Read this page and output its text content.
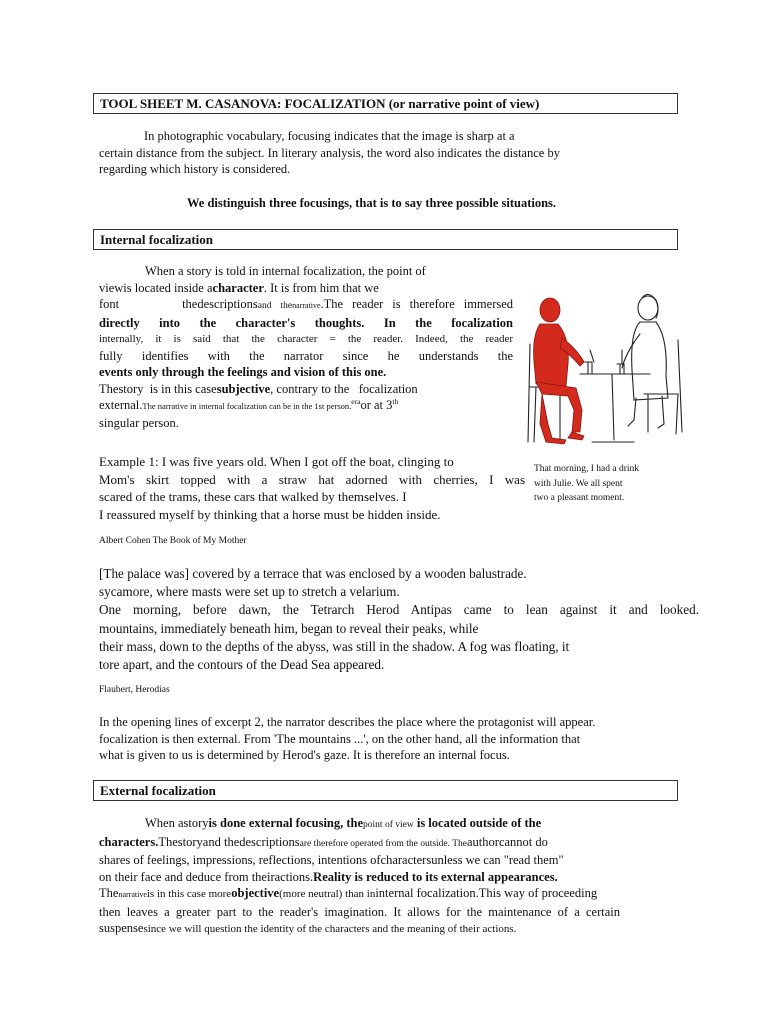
TOOL SHEET M. CASANOVA: FOCALIZATION (or narrative point of view)
In photographic vocabulary, focusing indicates that the image is sharp at a
certain distance from the subject. In literary analysis, the word also indicates the distance by
regarding which history is considered.
We distinguish three focusings, that is to say three possible situations.
Internal focalization
When a story is told in internal focalization, the point of
viewis located inside acharacter. It is from him that we
font	thedescriptionsand thenarrative.The reader is therefore immersed
directly into the character's thoughts. In the focalization
internally, it is said that the character = the reader. Indeed, the reader
fully identifies with the narrator since he understands the
events only through the feelings and vision of this one.
Thestory is in this casesubjective, contrary to the focalization
external.The narrative in internal focalization can be in the 1st person.$^{era}$or at 3th
singular person.
That morning, I had a drink
with Julie. We all spent
two a pleasant moment.
Example 1: I was five years old. When I got off the boat, clinging to
Mom's skirt topped with a straw hat adorned with cherries, I was
scared of the trams, these cars that walked by themselves. I
I reassured myself by thinking that a horse must be hidden inside.
Albert Cohen The Book of My Mother
[The palace was] covered by a terrace that was enclosed by a wooden balustrade.
sycamore, where masts were set up to stretch a velarium.
One morning, before dawn, the Tetrarch Herod Antipas came to lean against it and looked.
mountains, immediately beneath him, began to reveal their peaks, while
their mass, down to the depths of the abyss, was still in the shadow. A fog was floating, it
tore apart, and the contours of the Dead Sea appeared.
Flaubert, Herodias
In the opening lines of excerpt 2, the narrator describes the place where the protagonist will appear.
focalization is then external. From 'The mountains ...', on the other hand, all the information that
what is given to us is determined by Herod's gaze. It is therefore an internal focus.
External focalization
When astoryis done external focusing, thepoint of view is located outside of the
characters.Thestoryand thedescriptionsare therefore operated from the outside. Theauthorcannot do
shares of feelings, impressions, reflections, intentions ofcharactersunless we can "read them"
on their face and deduce from theiractions.Reality is reduced to its external appearances.
Thenarrativeis in this case moreobjective(more neutral) than ininternal focalization.This way of proceeding
then leaves a greater part to the reader's imagination. It allows for the maintenance of a certain
suspensesince we will question the identity of the characters and the meaning of their actions.
